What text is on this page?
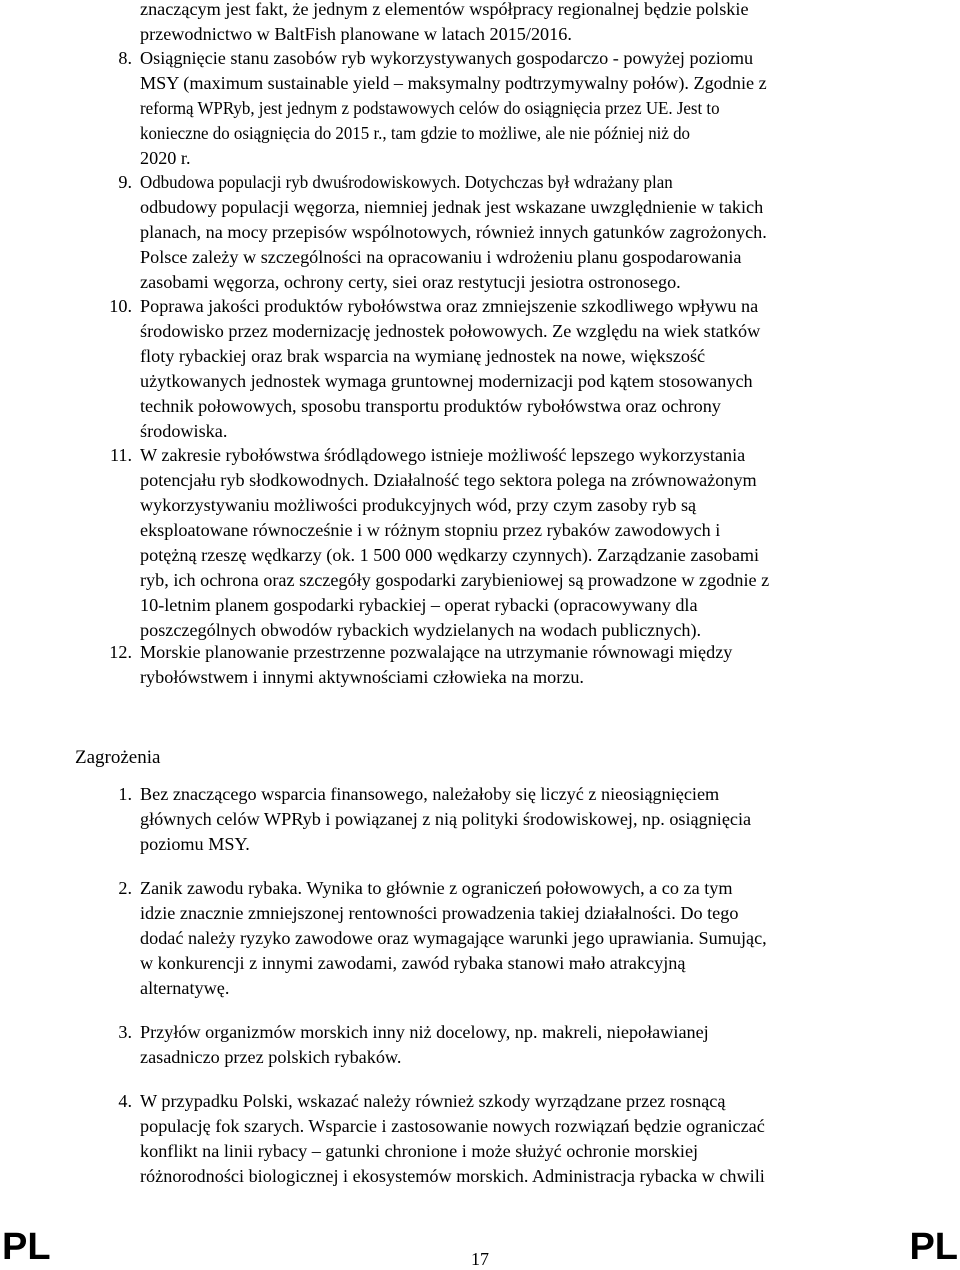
znaczącym jest fakt, że jednym z elementów współpracy regionalnej będzie polskie
przewodnictwo w BaltFish planowane w latach 2015/2016.
8. Osiągnięcie stanu zasobów ryb wykorzystywanych gospodarczo - powyżej poziomu
MSY (maximum sustainable yield – maksymalny podtrzymywalny połów). Zgodnie z
reformą WPRyb, jest jednym z podstawowych celów do osiągnięcia przez UE. Jest to
konieczne do osiągnięcia do 2015 r., tam gdzie to możliwe, ale nie później niż do
2020 r.
9. Odbudowa populacji ryb dwuśrodowiskowych. Dotychczas był wdrażany plan
odbudowy populacji węgorza, niemniej jednak jest wskazane uwzględnienie w takich
planach, na mocy przepisów wspólnotowych, również innych gatunków zagrożonych.
Polsce zależy w szczególności na opracowaniu i wdrożeniu planu gospodarowania
zasobami węgorza, ochrony certy, siei oraz restytucji jesiotra ostronosego.
10. Poprawa jakości produktów rybołówstwa oraz zmniejszenie szkodliwego wpływu na
środowisko przez modernizację jednostek połowowych. Ze względu na wiek statków
floty rybackiej oraz brak wsparcia na wymianę jednostek na nowe, większość
użytkowanych jednostek wymaga gruntownej modernizacji pod kątem stosowanych
technik połowowych, sposobu transportu produktów rybołówstwa oraz ochrony
środowiska.
11. W zakresie rybołówstwa śródlądowego istnieje możliwość lepszego wykorzystania
potencjału ryb słodkowodnych. Działalność tego sektora polega na zrównoważonym
wykorzystywaniu możliwości produkcyjnych wód, przy czym zasoby ryb są
eksploatowane równocześnie i w różnym stopniu przez rybaków zawodowych i
potężną rzeszę wędkarzy (ok. 1 500 000 wędkarzy czynnych). Zarządzanie zasobami
ryb, ich ochrona oraz szczegóły gospodarki zarybieniowej są prowadzone w zgodnie z
10-letnim planem gospodarki rybackiej – operat rybacki (opracowywany dla
poszczególnych obwodów rybackich wydzielanych na wodach publicznych).
12. Morskie planowanie przestrzenne pozwalające na utrzymanie równowagi między
rybołówstwem i innymi aktywnościami człowieka na morzu.
Zagrożenia
1. Bez znaczącego wsparcia finansowego, należałoby się liczyć z nieosiągnięciem
głównych celów WPRyb i powiązanej z nią polityki środowiskowej, np. osiągnięcia
poziomu MSY.
2. Zanik zawodu rybaka. Wynika to głównie z ograniczeń połowowych, a co za tym
idzie znacznie zmniejszonej rentowności prowadzenia takiej działalności. Do tego
dodać należy ryzyko zawodowe oraz wymagające warunki jego uprawiania. Sumując,
w konkurencji z innymi zawodami, zawód rybaka stanowi mało atrakcyjną
alternatywę.
3. Przyłów organizmów morskich inny niż docelowy, np. makreli, niepoławianej
zasadniczo przez polskich rybaków.
4. W przypadku Polski, wskazać należy również szkody wyrządzane przez rosnącą
populację fok szarych. Wsparcie i zastosowanie nowych rozwiązań będzie ograniczać
konflikt na linii rybacy – gatunki chronione i może służyć ochronie morskiej
różnorodności biologicznej i ekosystemów morskich. Administracja rybacka w chwili
PL	17	PL
